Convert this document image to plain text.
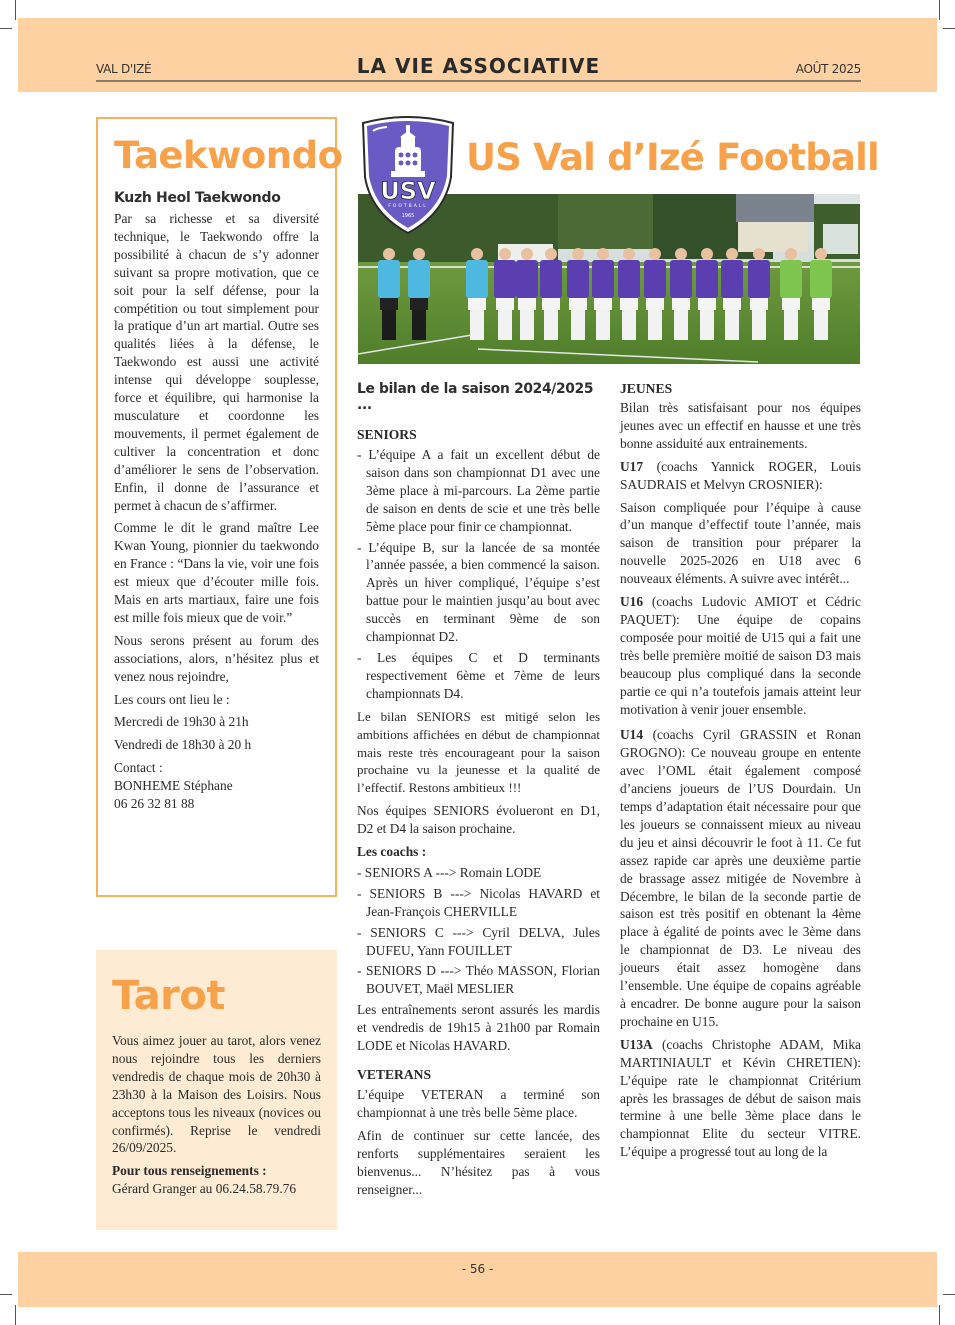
VAL D'IZÉ	LA VIE ASSOCIATIVE	AOÛT 2025
Taekwondo
Kuzh Heol Taekwondo

Par sa richesse et sa diversité technique, le Taekwondo offre la possibilité à chacun de s’y adonner suivant sa propre motivation, que ce soit pour la self défense, pour la compétition ou tout simplement pour la pratique d’un art martial. Outre ses qualités liées à la défense, le Taekwondo est aussi une activité intense qui développe souplesse, force et équilibre, qui harmonise la musculature et coordonne les mouvements, il permet également de cultiver la concentration et donc d’améliorer le sens de l’observation. Enfin, il donne de l’assurance et permet à chacun de s’affirmer.

Comme le dit le grand maître Lee Kwan Young, pionnier du taekwondo en France : “Dans la vie, voir une fois est mieux que d’écouter mille fois. Mais en arts martiaux, faire une fois est mille fois mieux que de voir.”

Nous serons présent au forum des associations, alors, n’hésitez plus et venez nous rejoindre,

Les cours ont lieu le :

Mercredi de 19h30 à 21h

Vendredi de 18h30 à 20 h

Contact :

BONHEME Stéphane

06 26 32 81 88

Tarot

Vous aimez jouer au tarot, alors venez nous rejoindre tous les derniers vendredis de chaque mois de 20h30 à 23h30 à la Maison des Loisirs. Nous acceptons tous les niveaux (novices ou confirmés). Reprise le vendredi 26/09/2025.

Pour tous renseignements :

Gérard Granger au 06.24.58.79.76

USV
FOOTBALL
1965
US Val d’Izé Football
Le bilan de la saison 2024/2025 ...
SENIORS

- L’équipe A a fait un excellent début de saison dans son championnat D1 avec une 3ème place à mi-parcours. La 2ème partie de saison en dents de scie et une très belle 5ème place pour finir ce championnat.

- L’équipe B, sur la lancée de sa montée l’année passée, a bien commencé la saison. Après un hiver compliqué, l’équipe s’est battue pour le maintien jusqu’au bout avec succès en terminant 9ème de son championnat D2.

- Les équipes C et D terminants respectivement 6ème et 7ème de leurs championnats D4.

Le bilan SENIORS est mitigé selon les ambitions affichées en début de championnat mais reste très encourageant pour la saison prochaine vu la jeunesse et la qualité de l’effectif. Restons ambitieux !!!

Nos équipes SENIORS évolueront en D1, D2 et D4 la saison prochaine.

Les coachs :

- SENIORS A ---> Romain LODE

- SENIORS B ---> Nicolas HAVARD et Jean-François CHERVILLE

- SENIORS C ---> Cyril DELVA, Jules DUFEU, Yann FOUILLET

- SENIORS D ---> Théo MASSON, Florian BOUVET, Maël MESLIER

Les entraînements seront assurés les mardis et vendredis de 19h15 à 21h00 par Romain LODE et Nicolas HAVARD.

VETERANS

L’équipe VETERAN a terminé son championnat à une très belle 5ème place.

Afin de continuer sur cette lancée, des renforts supplémentaires seraient les bienvenus... N’hésitez pas à vous renseigner...

JEUNES

Bilan très satisfaisant pour nos équipes jeunes avec un effectif en hausse et une très bonne assiduité aux entrainements.

U17 (coachs Yannick ROGER, Louis SAUDRAIS et Melvyn CROSNIER):

Saison compliquée pour l’équipe à cause d’un manque d’effectif toute l’année, mais saison de transition pour préparer la nouvelle 2025-2026 en U18 avec 6 nouveaux éléments. A suivre avec intérêt...

U16 (coachs Ludovic AMIOT et Cédric PAQUET): Une équipe de copains composée pour moitié de U15 qui a fait une très belle première moitié de saison D3 mais beaucoup plus compliqué dans la seconde partie ce qui n’a toutefois jamais atteint leur motivation à venir jouer ensemble.

U14 (coachs Cyril GRASSIN et Ronan GROGNO): Ce nouveau groupe en entente avec l’OML était également composé d’anciens joueurs de l’US Dourdain. Un temps d’adaptation était nécessaire pour que les joueurs se connaissent mieux au niveau du jeu et ainsi découvrir le foot à 11. Ce fut assez rapide car après une deuxième partie de brassage assez mitigée de Novembre à Décembre, le bilan de la seconde partie de saison est très positif en obtenant la 4ème place à égalité de points avec le 3ème dans le championnat de D3. Le niveau des joueurs était assez homogène dans l’ensemble. Une équipe de copains agréable à encadrer. De bonne augure pour la saison prochaine en U15.

U13A (coachs Christophe ADAM, Mika MARTINIAULT et Kévin CHRETIEN): L’équipe rate le championnat Critérium après les brassages de début de saison mais termine à une belle 3ème place dans le championnat Elite du secteur VITRE. L’équipe a progressé tout au long de la

- 56 -
